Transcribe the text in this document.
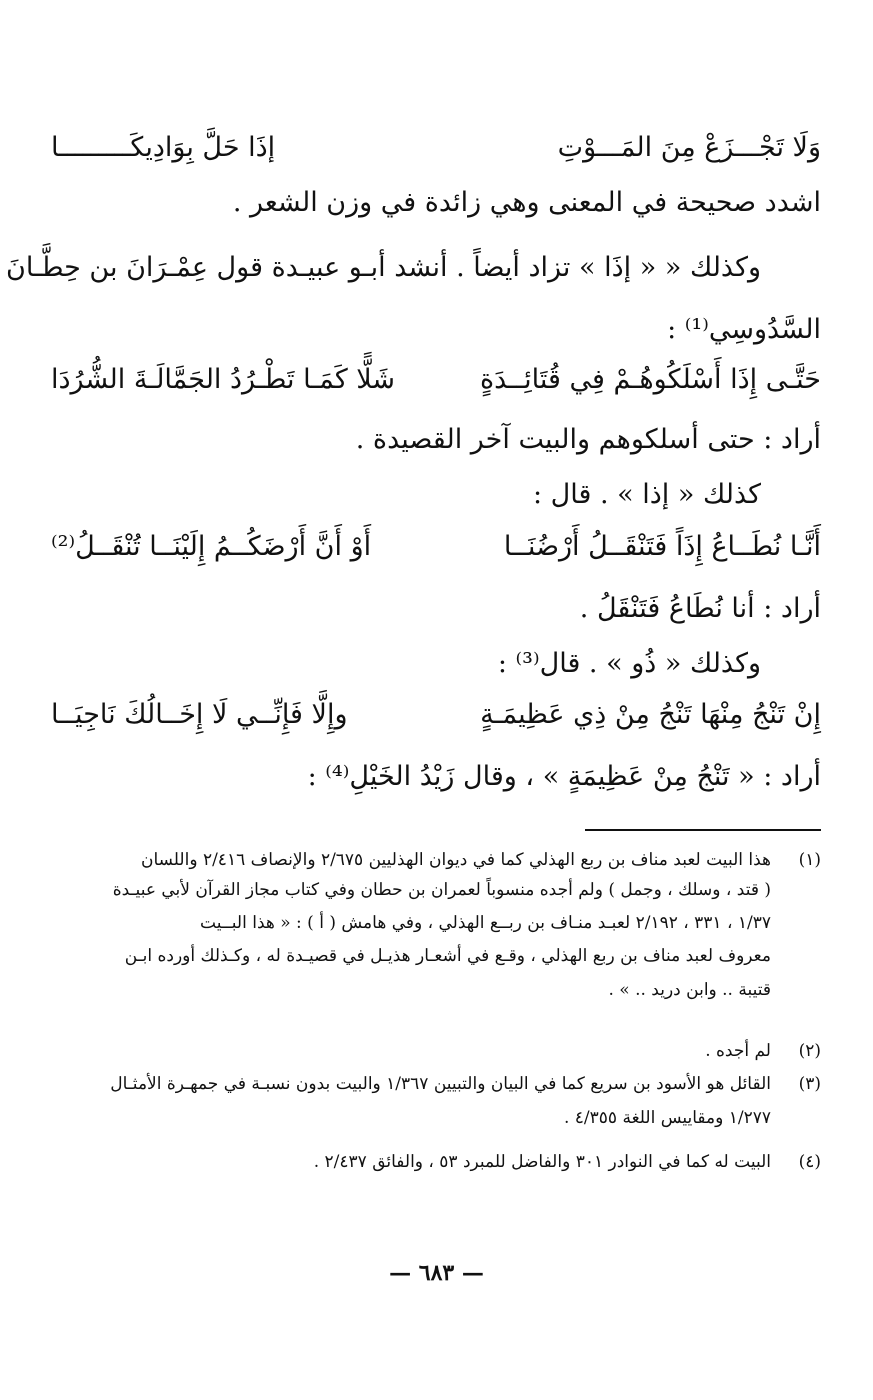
وَلَا تَجْـــزَعْ مِنَ المَـــوْتِ
إذَا حَلَّ بِوَادِيكَـــــــــا
اشدد صحيحة في المعنى وهي زائدة في وزن الشعر .
وكذلك « « إذَا » تزاد أيضاً . أنشد أبـو عبيـدة قول عِمْـرَانَ بن حِطَّـانَ
السَّدُوسِي⁽¹⁾ :
حَتَّـى إِذَا أَسْلَكُوهُـمْ فِي قُتَائِــدَةٍ
شَلًّا كَمَـا تَطْـرُدُ الجَمَّالَـةَ الشُّرُدَا
أراد : حتى أسلكوهم والبيت آخر القصيدة .
كذلك « إذا » . قال :
أَنَّـا نُطَــاعُ إِذَاً فَتَنْقَــلُ أَرْضُنَــا
أَوْ أَنَّ أَرْضَكُــمُ إِلَيْنَــا تُنْقَــلُ⁽²⁾
أراد : أنا نُطَاعُ فَتَنْقَلُ .
وكذلك « ذُو » . قال⁽³⁾ :
إِنْ تَنْجُ مِنْهَا تَنْجُ مِنْ ذِي عَظِيمَـةٍ
وإِلَّا فَإِنِّــي لَا إِخَــالُكَ نَاجِيَــا
أراد : « تَنْجُ مِنْ عَظِيمَةٍ » ، وقال زَيْدُ الخَيْلِ⁽⁴⁾ :
(١)
هذا البيت لعبد مناف بن ربع الهذلي كما في ديوان الهذليين ٢/٦٧٥ والإنصاف ٢/٤١٦ واللسان
( قتد ، وسلك ، وجمل ) ولم أجده منسوباً لعمران بن حطان وفي كتاب مجاز القرآن لأبي عبيـدة
١/٣٧ ، ٣٣١ ، ٢/١٩٢ لعبـد منـاف بن ربــع الهذلي ، وفي هامش ( أ ) : « هذا البــيت
معروف لعبد مناف بن ربع الهذلي ، وقـع في أشعـار هذيـل في قصيـدة له ، وكـذلك أورده ابـن
قتيبة .. وابن دريد .. » .
(٢)
لم أجده .
(٣)
القائل هو الأسود بن سريع كما في البيان والتبيين ١/٣٦٧ والبيت بدون نسبـة في جمهـرة الأمثـال
١/٢٧٧ ومقاييس اللغة ٤/٣٥٥ .
(٤)
البيت له كما في النوادر ٣٠١ والفاضل للمبرد ٥٣ ، والفائق ٢/٤٣٧ .
— ٦٨٣ —
